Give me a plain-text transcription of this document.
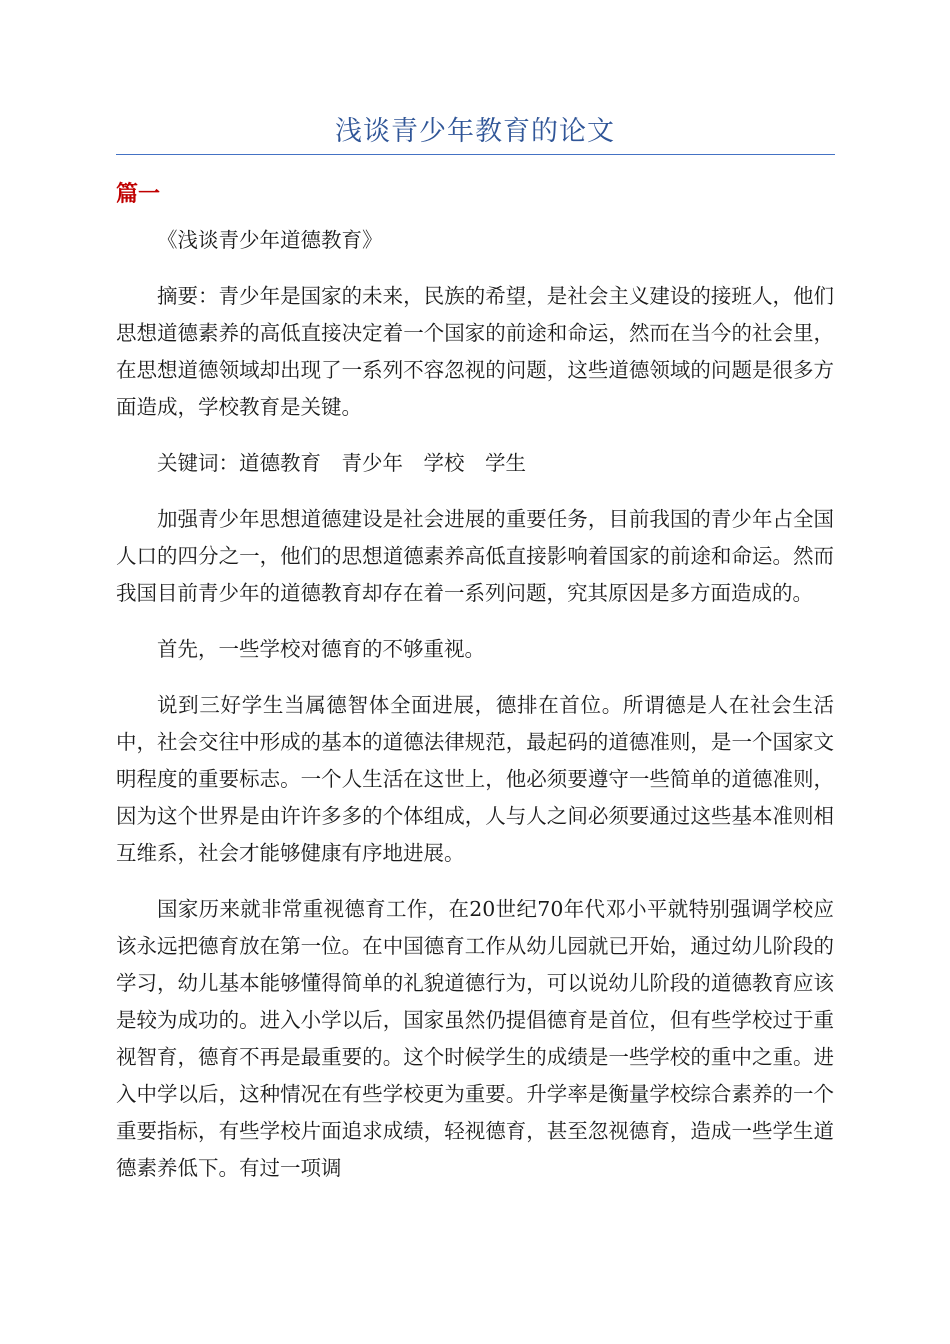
浅谈青少年教育的论文
篇一

《浅谈青少年道德教育》

摘要：青少年是国家的未来，民族的希望，是社会主义建设的接班人，他们思想道德素养的高低直接决定着一个国家的前途和命运，然而在当今的社会里，在思想道德领域却出现了一系列不容忽视的问题，这些道德领域的问题是很多方面造成，学校教育是关键。

关键词：道德教育　青少年　学校　学生

加强青少年思想道德建设是社会进展的重要任务，目前我国的青少年占全国人口的四分之一，他们的思想道德素养高低直接影响着国家的前途和命运。然而我国目前青少年的道德教育却存在着一系列问题，究其原因是多方面造成的。

首先，一些学校对德育的不够重视。

说到三好学生当属德智体全面进展，德排在首位。所谓德是人在社会生活中，社会交往中形成的基本的道德法律规范，最起码的道德准则，是一个国家文明程度的重要标志。一个人生活在这世上，他必须要遵守一些简单的道德准则，因为这个世界是由许许多多的个体组成，人与人之间必须要通过这些基本准则相互维系，社会才能够健康有序地进展。

国家历来就非常重视德育工作，在20世纪70年代邓小平就特别强调学校应该永远把德育放在第一位。在中国德育工作从幼儿园就已开始，通过幼儿阶段的学习，幼儿基本能够懂得简单的礼貌道德行为，可以说幼儿阶段的道德教育应该是较为成功的。进入小学以后，国家虽然仍提倡德育是首位，但有些学校过于重视智育，德育不再是最重要的。这个时候学生的成绩是一些学校的重中之重。进入中学以后，这种情况在有些学校更为重要。升学率是衡量学校综合素养的一个重要指标，有些学校片面追求成绩，轻视德育，甚至忽视德育，造成一些学生道德素养低下。有过一项调
